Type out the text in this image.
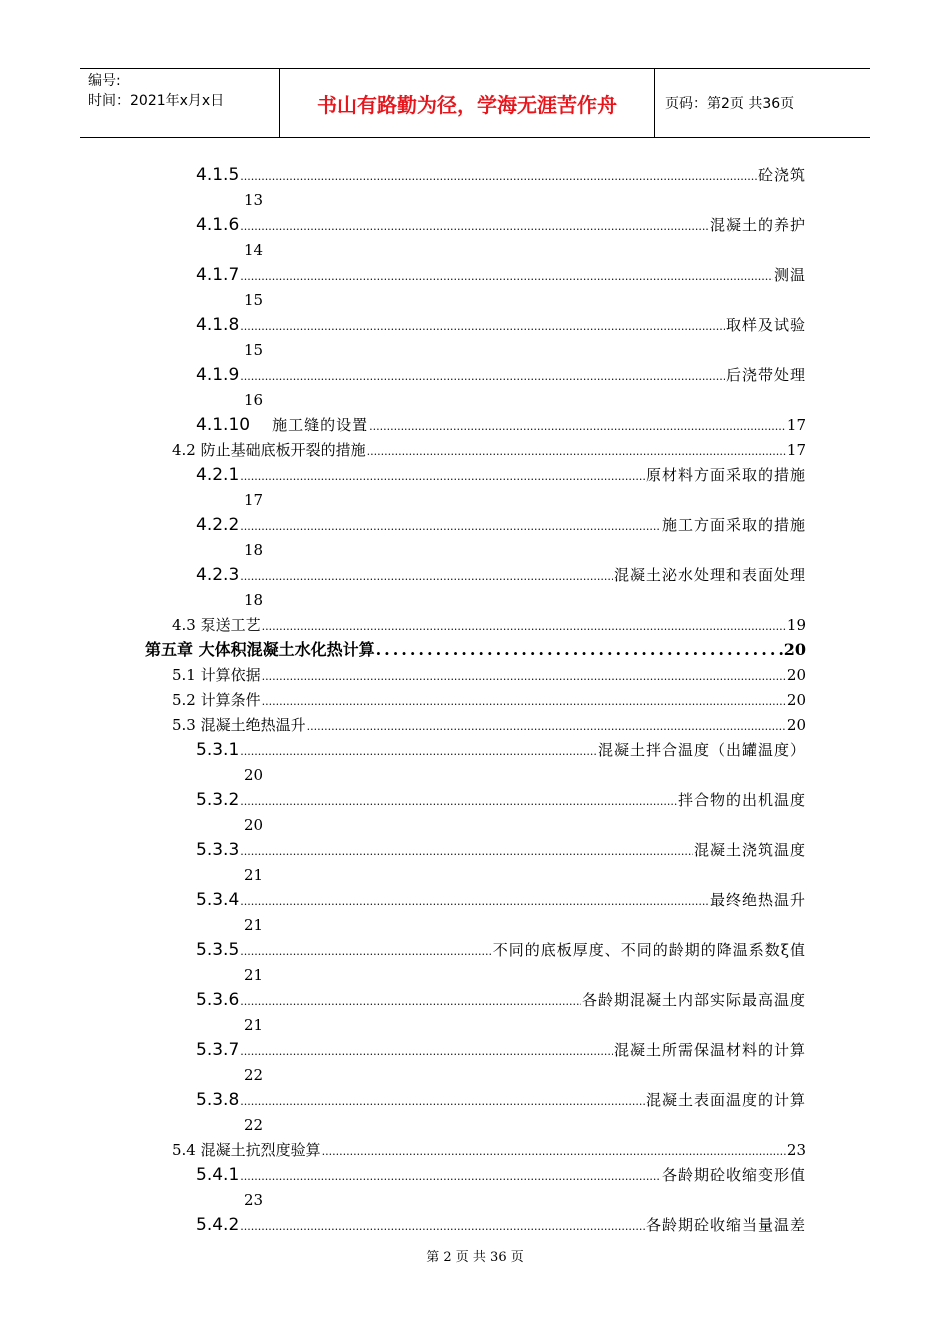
编号:
时间：2021年x月x日	书山有路勤为径，学海无涯苦作舟	页码：第2页 共36页
4.1.5 .....	砼浇筑
13
4.1.6 .....	混凝土的养护
14
4.1.7 .....	测温
15
4.1.8 .....	取样及试验
15
4.1.9 .....	后浇带处理
16
4.1.10 施工缝的设置 .....	17
4.2 防止基础底板开裂的措施 .....	17
4.2.1 .....	原材料方面采取的措施
17
4.2.2 .....	施工方面采取的措施
18
4.2.3 .....	混凝土泌水处理和表面处理
18
4.3 泵送工艺 .....	19
第五章 大体积混凝土水化热计算 .....	20
5.1 计算依据 .....	20
5.2 计算条件 .....	20
5.3 混凝土绝热温升 .....	20
5.3.1 .....	混凝土拌合温度（出罐温度）
20
5.3.2 .....	拌合物的出机温度
20
5.3.3 .....	混凝土浇筑温度
21
5.3.4 .....	最终绝热温升
21
5.3.5 .....	不同的底板厚度、不同的龄期的降温系数ξ值
21
5.3.6 .....	各龄期混凝土内部实际最高温度
21
5.3.7 .....	混凝土所需保温材料的计算
22
5.3.8 .....	混凝土表面温度的计算
22
5.4 混凝土抗烈度验算 .....	23
5.4.1 .....	各龄期砼收缩变形值
23
5.4.2 .....	各龄期砼收缩当量温差
第 2 页 共 36 页
